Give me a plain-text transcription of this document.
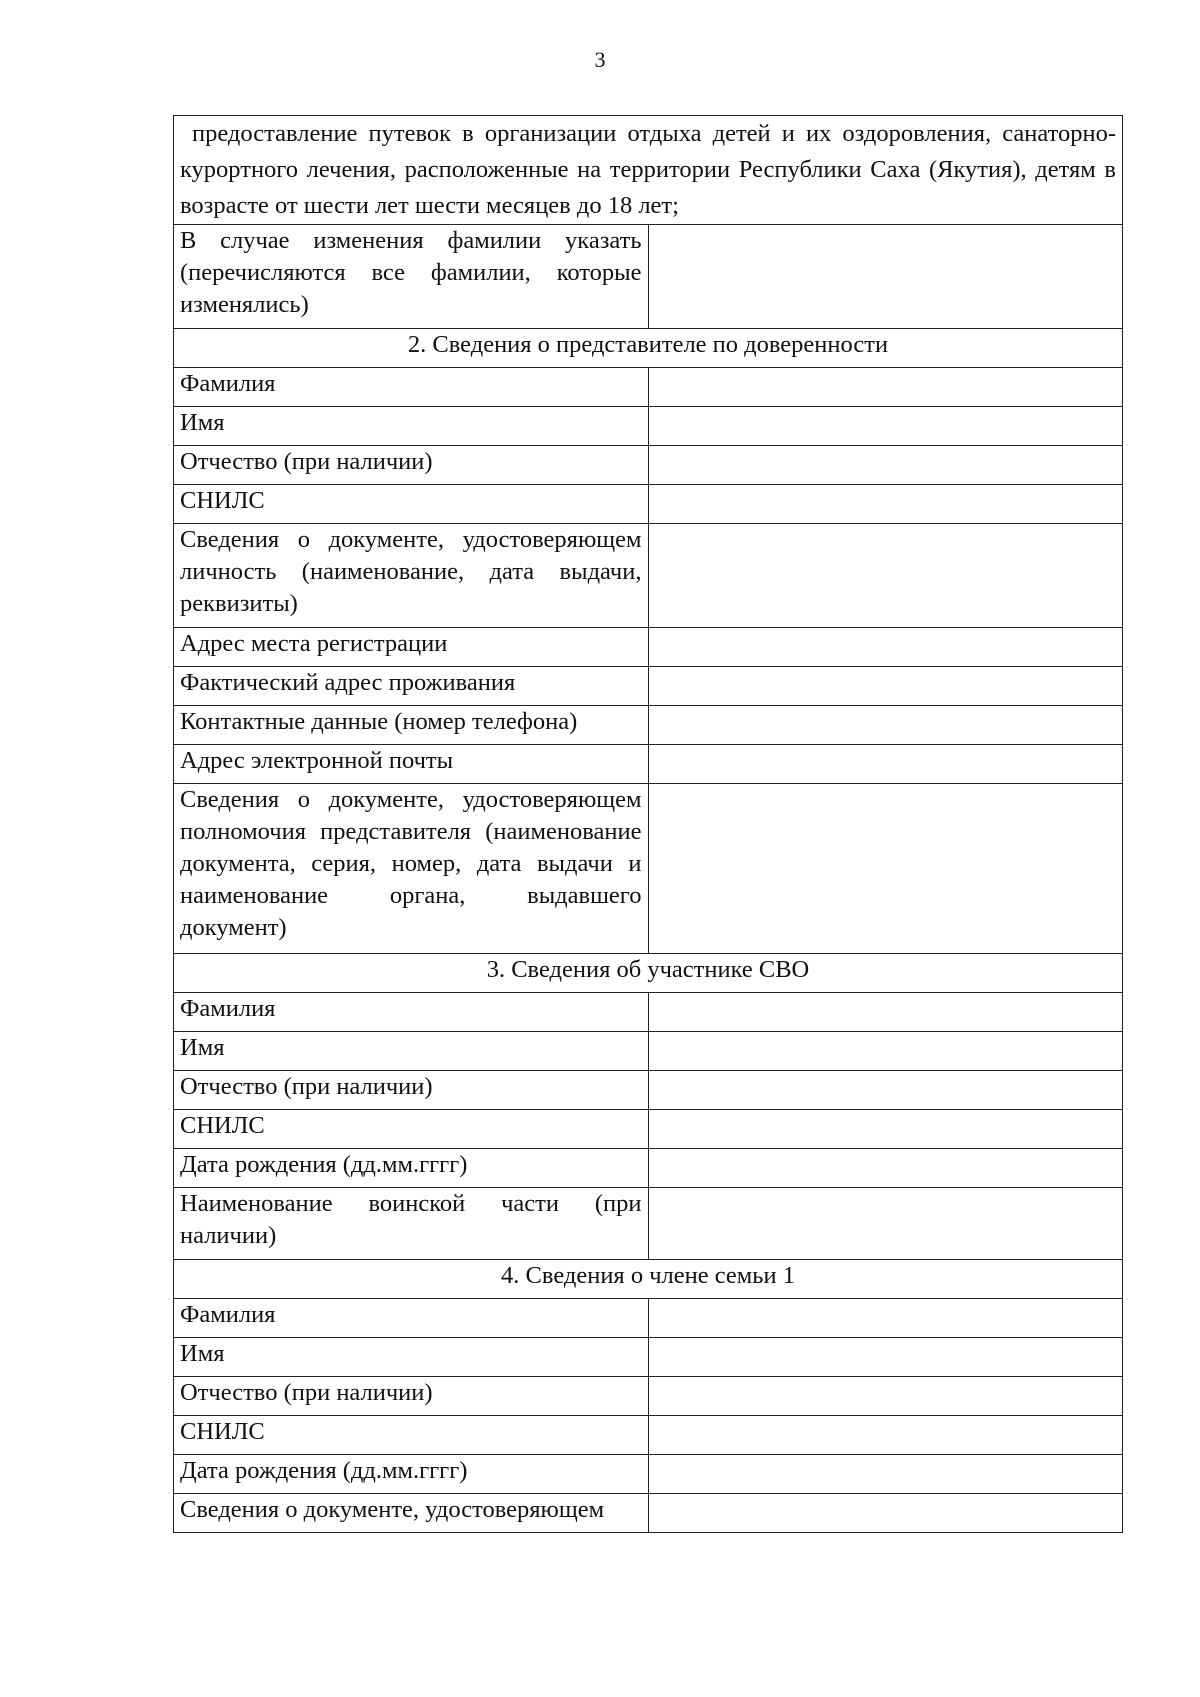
3
предоставление путевок в организации отдыха детей и их оздоровления, санаторно-курортного лечения, расположенные на территории Республики Саха (Якутия), детям в возрасте от шести лет шести месяцев до 18 лет;	
В случае изменения фамилии указать (перечисляются все фамилии, которые изменялись)	
2. Сведения о представителе по доверенности	
Фамилия	
Имя	
Отчество (при наличии)	
СНИЛС	
Сведения о документе, удостоверяющем личность (наименование, дата выдачи, реквизиты)	
Адрес места регистрации	
Фактический адрес проживания	
Контактные данные (номер телефона)	
Адрес электронной почты	
Сведения о документе, удостоверяющем полномочия представителя (наименование документа, серия, номер, дата выдачи и наименование органа, выдавшего документ)	
3. Сведения об участнике СВО	
Фамилия	
Имя	
Отчество (при наличии)	
СНИЛС	
Дата рождения (дд.мм.гггг)	
Наименование воинской части (при наличии)	
4. Сведения о члене семьи 1	
Фамилия	
Имя	
Отчество (при наличии)	
СНИЛС	
Дата рождения (дд.мм.гггг)	
Сведения о документе, удостоверяющем	
